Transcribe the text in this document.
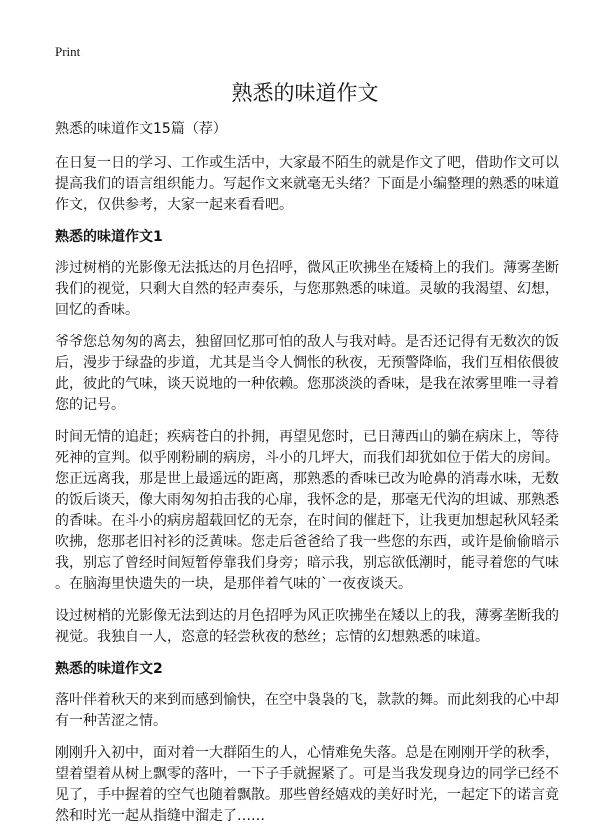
Print
熟悉的味道作文
熟悉的味道作文15篇（荐）
在日复一日的学习、工作或生活中，大家最不陌生的就是作文了吧，借助作文可以
提高我们的语言组织能力。写起作文来就毫无头绪？下面是小编整理的熟悉的味道
作文，仅供参考，大家一起来看看吧。
熟悉的味道作文1
涉过树梢的光影像无法抵达的月色招呼，微风正吹拂坐在矮椅上的我们。薄雾垄断
我们的视觉，只剩大自然的轻声奏乐，与您那熟悉的味道。灵敏的我渴望、幻想，
回忆的香味。
爷爷您总匆匆的离去，独留回忆那可怕的敌人与我对峙。是否还记得有无数次的饭
后，漫步于绿盎的步道，尤其是当令人惆怅的秋夜，无预警降临，我们互相依偎彼
此，彼此的气味，谈天说地的一种依赖。您那淡淡的香味，是我在浓雾里唯一寻着
您的记号。
时间无情的追赶；疾病苍白的扑拥，再望见您时，已日薄西山的躺在病床上，等待
死神的宣判。似乎刚粉刷的病房，斗小的几坪大，而我们却犹如位于偌大的房间。
您正远离我，那是世上最遥远的距离，那熟悉的香味已改为呛鼻的消毒水味，无数
的饭后谈天，像大雨匆匆拍击我的心扉，我怀念的是，那毫无代沟的坦诚、那熟悉
的香味。在斗小的病房超载回忆的无奈，在时间的催赶下，让我更加想起秋风轻柔
吹拂，您那老旧衬衫的泛黄味。您走后爸爸给了我一些您的东西，或许是偷偷暗示
我，别忘了曾经时间短暂停靠我们身旁；暗示我，别忘欲低潮时，能寻着您的气味
。在脑海里快遗失的一块，是那伴着气味的`一夜夜谈天。
设过树梢的光影像无法到达的月色招呼为风正吹拂坐在矮以上的我，薄雾垄断我的
视觉。我独自一人，恣意的轻尝秋夜的愁丝；忘情的幻想熟悉的味道。
熟悉的味道作文2
落叶伴着秋天的来到而感到愉快，在空中袅袅的飞，款款的舞。而此刻我的心中却
有一种苦涩之情。
刚刚升入初中，面对着一大群陌生的人，心情难免失落。总是在刚刚开学的秋季，
望着望着从树上飘零的落叶，一下子手就握紧了。可是当我发现身边的同学已经不
见了，手中握着的空气也随着飘散。那些曾经嬉戏的美好时光，一起定下的诺言竟
然和时光一起从指缝中溜走了……
